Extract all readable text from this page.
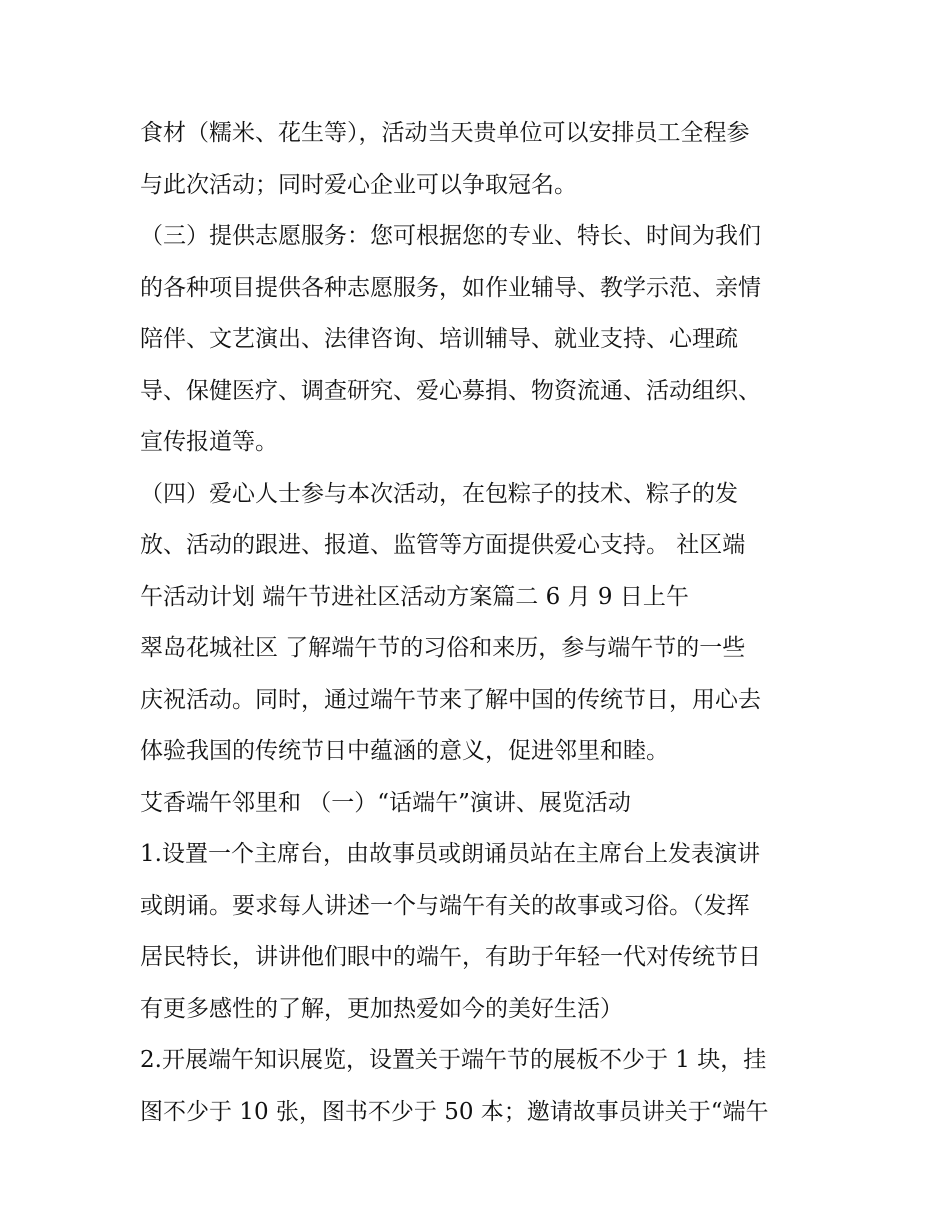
食材（糯米、花生等），活动当天贵单位可以安排员工全程参
与此次活动；同时爱心企业可以争取冠名。
（三）提供志愿服务：您可根据您的专业、特长、时间为我们
的各种项目提供各种志愿服务，如作业辅导、教学示范、亲情
陪伴、文艺演出、法律咨询、培训辅导、就业支持、心理疏
导、保健医疗、调查研究、爱心募捐、物资流通、活动组织、
宣传报道等。
（四）爱心人士参与本次活动，在包粽子的技术、粽子的发
放、活动的跟进、报道、监管等方面提供爱心支持。 社区端
午活动计划 端午节进社区活动方案篇二 6 月 9 日上午
翠岛花城社区 了解端午节的习俗和来历，参与端午节的一些
庆祝活动。同时，通过端午节来了解中国的传统节日，用心去
体验我国的传统节日中蕴涵的意义，促进邻里和睦。
艾香端午邻里和 （一）“话端午”演讲、展览活动
1.设置一个主席台，由故事员或朗诵员站在主席台上发表演讲
或朗诵。要求每人讲述一个与端午有关的故事或习俗。（发挥
居民特长，讲讲他们眼中的端午，有助于年轻一代对传统节日
有更多感性的了解，更加热爱如今的美好生活）
2.开展端午知识展览，设置关于端午节的展板不少于 1 块，挂
图不少于 10 张，图书不少于 50 本；邀请故事员讲关于“端午
